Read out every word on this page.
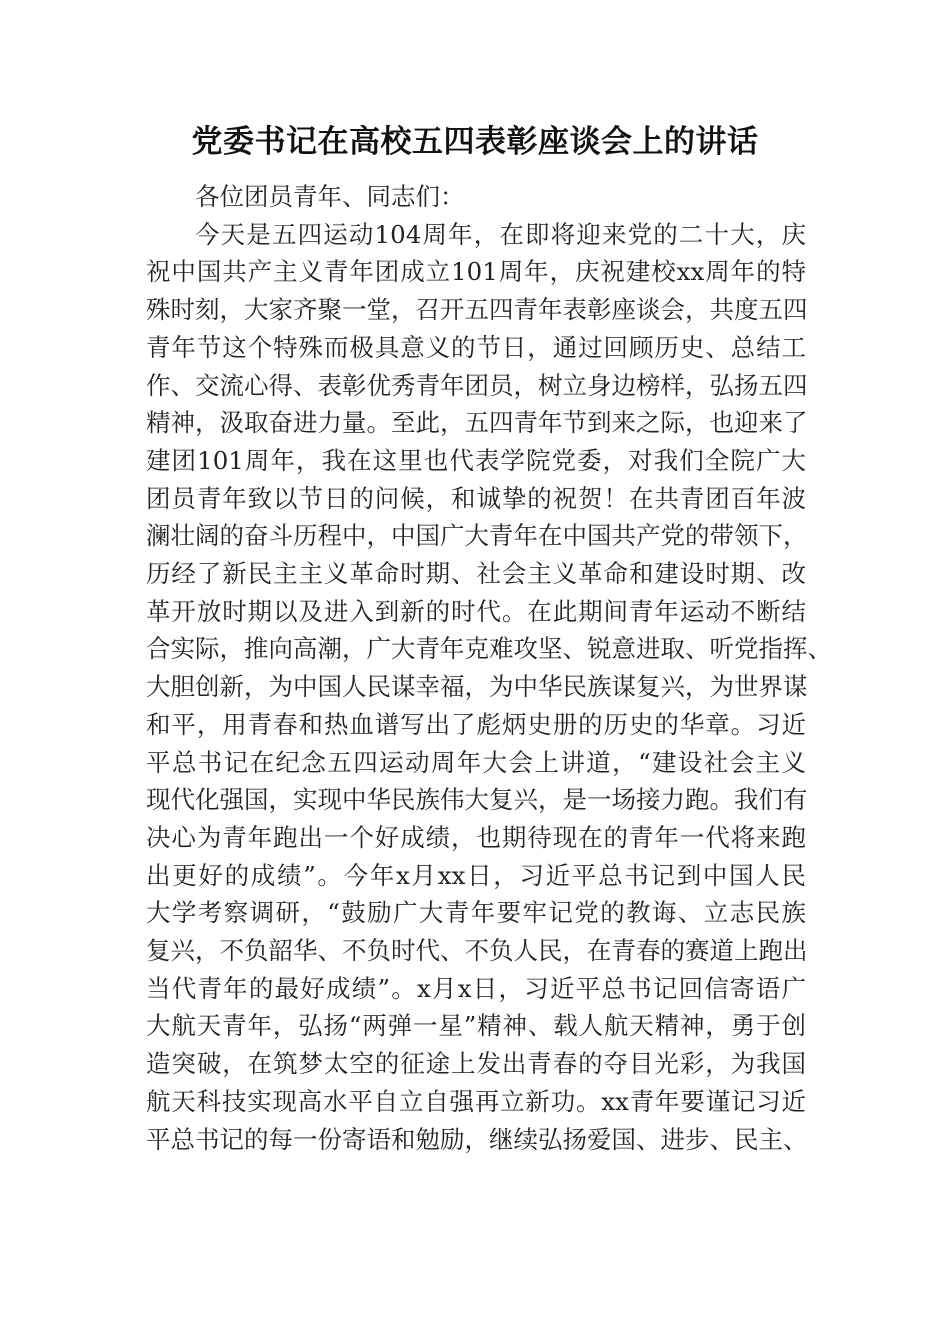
党委书记在高校五四表彰座谈会上的讲话

各位团员青年、同志们：

今天是五四运动104周年，在即将迎来党的二十大，庆
祝中国共产主义青年团成立101周年，庆祝建校xx周年的特
殊时刻，大家齐聚一堂，召开五四青年表彰座谈会，共度五四
青年节这个特殊而极具意义的节日，通过回顾历史、总结工
作、交流心得、表彰优秀青年团员，树立身边榜样，弘扬五四
精神，汲取奋进力量。至此，五四青年节到来之际，也迎来了
建团101周年，我在这里也代表学院党委，对我们全院广大
团员青年致以节日的问候，和诚挚的祝贺！在共青团百年波
澜壮阔的奋斗历程中，中国广大青年在中国共产党的带领下，
历经了新民主主义革命时期、社会主义革命和建设时期、改
革开放时期以及进入到新的时代。在此期间青年运动不断结
合实际，推向高潮，广大青年克难攻坚、锐意进取、听党指挥、
大胆创新，为中国人民谋幸福，为中华民族谋复兴，为世界谋
和平，用青春和热血谱写出了彪炳史册的历史的华章。习近
平总书记在纪念五四运动周年大会上讲道，“建设社会主义
现代化强国，实现中华民族伟大复兴，是一场接力跑。我们有
决心为青年跑出一个好成绩，也期待现在的青年一代将来跑
出更好的成绩”。今年x月xx日，习近平总书记到中国人民
大学考察调研，“鼓励广大青年要牢记党的教诲、立志民族
复兴，不负韶华、不负时代、不负人民，在青春的赛道上跑出
当代青年的最好成绩”。x月x日，习近平总书记回信寄语广
大航天青年，弘扬“两弹一星”精神、载人航天精神，勇于创
造突破，在筑梦太空的征途上发出青春的夺目光彩，为我国
航天科技实现高水平自立自强再立新功。xx青年要谨记习近
平总书记的每一份寄语和勉励，继续弘扬爱国、进步、民主、
